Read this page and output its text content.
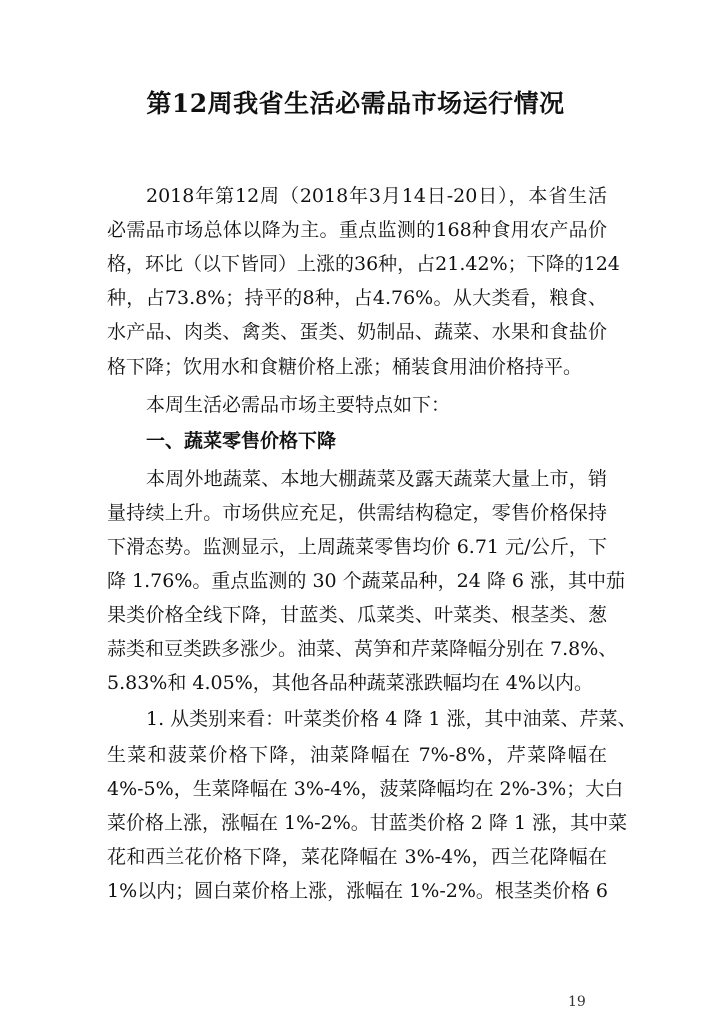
第12周我省生活必需品市场运行情况
2018年第12周（2018年3月14日-20日），本省生活
必需品市场总体以降为主。重点监测的168种食用农产品价
格，环比（以下皆同）上涨的36种，占21.42%；下降的124
种，占73.8%；持平的8种，占4.76%。从大类看，粮食、
水产品、肉类、禽类、蛋类、奶制品、蔬菜、水果和食盐价
格下降；饮用水和食糖价格上涨；桶装食用油价格持平。
本周生活必需品市场主要特点如下：
一、蔬菜零售价格下降
本周外地蔬菜、本地大棚蔬菜及露天蔬菜大量上市，销
量持续上升。市场供应充足，供需结构稳定，零售价格保持
下滑态势。监测显示，上周蔬菜零售均价 6.71 元/公斤，下
降 1.76%。重点监测的 30 个蔬菜品种，24 降 6 涨，其中茄
果类价格全线下降，甘蓝类、瓜菜类、叶菜类、根茎类、葱
蒜类和豆类跌多涨少。油菜、莴笋和芹菜降幅分别在 7.8%、
5.83%和 4.05%，其他各品种蔬菜涨跌幅均在 4%以内。
1. 从类别来看：叶菜类价格 4 降 1 涨，其中油菜、芹菜、
生菜和菠菜价格下降，油菜降幅在 7%-8%，芹菜降幅在
4%-5%，生菜降幅在 3%-4%，菠菜降幅均在 2%-3%；大白
菜价格上涨，涨幅在 1%-2%。甘蓝类价格 2 降 1 涨，其中菜
花和西兰花价格下降，菜花降幅在 3%-4%，西兰花降幅在
1%以内；圆白菜价格上涨，涨幅在 1%-2%。根茎类价格 6
19
